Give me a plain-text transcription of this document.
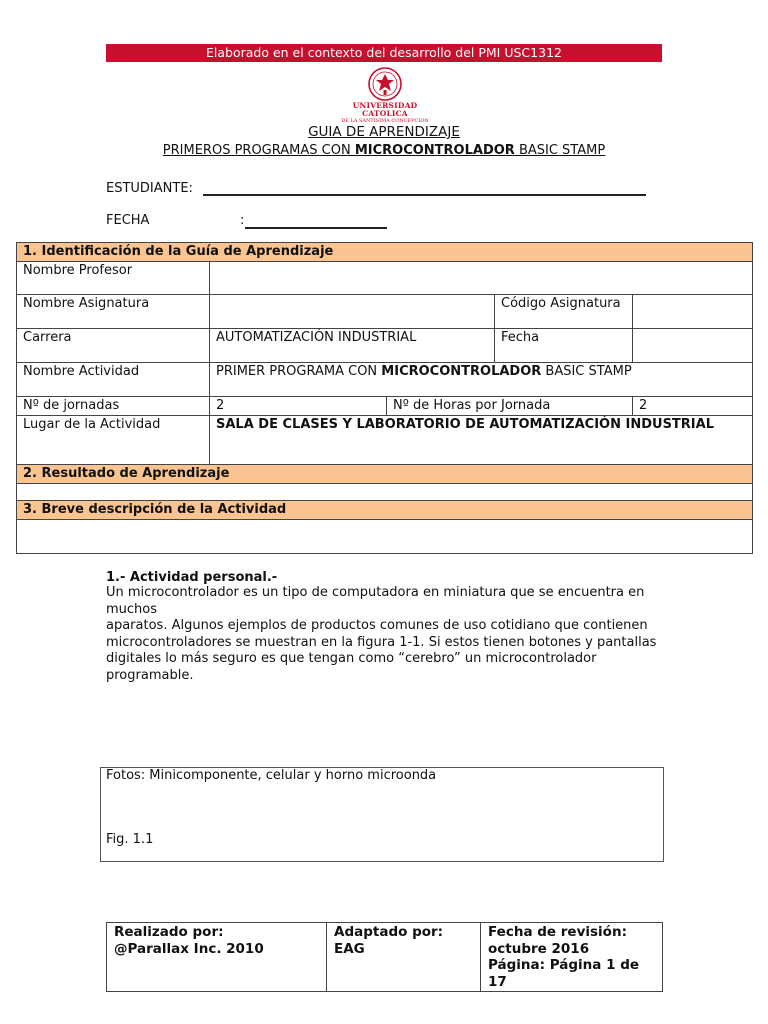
Elaborado en el contexto del desarrollo del PMI USC1312
UNIVERSIDAD CATOLICA
DE LA SANTISIMA CONCEPCION
GUIA DE APRENDIZAJE
PRIMEROS PROGRAMAS CON MICROCONTROLADOR BASIC STAMP
ESTUDIANTE:
FECHA	:
1. Identificación de la Guía de Aprendizaje				
Nombre Profesor				
Nombre Asignatura			Código Asignatura	
Carrera	AUTOMATIZACIÓN INDUSTRIAL		Fecha	
Nombre Actividad	PRIMER PROGRAMA CON MICROCONTROLADOR BASIC STAMP			
Nº de jornadas	2	Nº de Horas por Jornada		2
Lugar de la Actividad	SALA DE CLASES Y LABORATORIO DE AUTOMATIZACIÓN INDUSTRIAL			
2. Resultado de Aprendizaje				

3. Breve descripción de la Actividad				

1.- Actividad personal.-
Un microcontrolador es un tipo de computadora en miniatura que se encuentra en muchos
aparatos. Algunos ejemplos de productos comunes de uso cotidiano que contienen
microcontroladores se muestran en la figura 1-1. Si estos tienen botones y pantallas
digitales lo más seguro es que tengan como “cerebro” un microcontrolador programable.
Fotos: Minicomponente, celular y horno microonda
Fig. 1.1
Realizado por:
@Parallax Inc. 2010

Adaptado por:
EAG

Fecha de revisión:
octubre 2016
Página: Página 1 de 17
